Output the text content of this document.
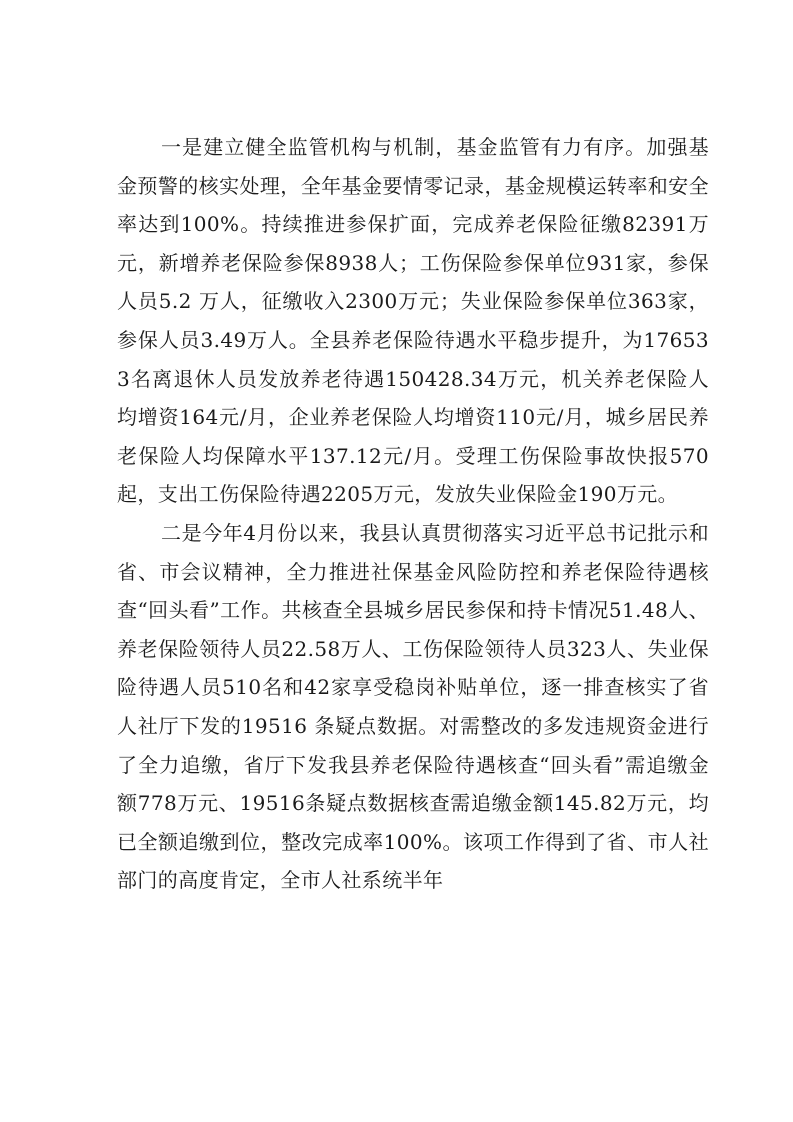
一是建立健全监管机构与机制，基金监管有力有序。加强基金预警的核实处理，全年基金要情零记录，基金规模运转率和安全率达到100%。持续推进参保扩面，完成养老保险征缴82391万元，新增养老保险参保8938人；工伤保险参保单位931家，参保人员5.2 万人，征缴收入2300万元；失业保险参保单位363家，参保人员3.49万人。全县养老保险待遇水平稳步提升，为176533名离退休人员发放养老待遇150428.34万元，机关养老保险人均增资164元/月，企业养老保险人均增资110元/月，城乡居民养老保险人均保障水平137.12元/月。受理工伤保险事故快报570起，支出工伤保险待遇2205万元，发放失业保险金190万元。

二是今年4月份以来，我县认真贯彻落实习近平总书记批示和省、市会议精神，全力推进社保基金风险防控和养老保险待遇核查“回头看”工作。共核查全县城乡居民参保和持卡情况51.48人、养老保险领待人员22.58万人、工伤保险领待人员323人、失业保险待遇人员510名和42家享受稳岗补贴单位，逐一排查核实了省人社厅下发的19516 条疑点数据。对需整改的多发违规资金进行了全力追缴，省厅下发我县养老保险待遇核查“回头看”需追缴金额778万元、19516条疑点数据核查需追缴金额145.82万元，均已全额追缴到位，整改完成率100%。该项工作得到了省、市人社部门的高度肯定，全市人社系统半年
